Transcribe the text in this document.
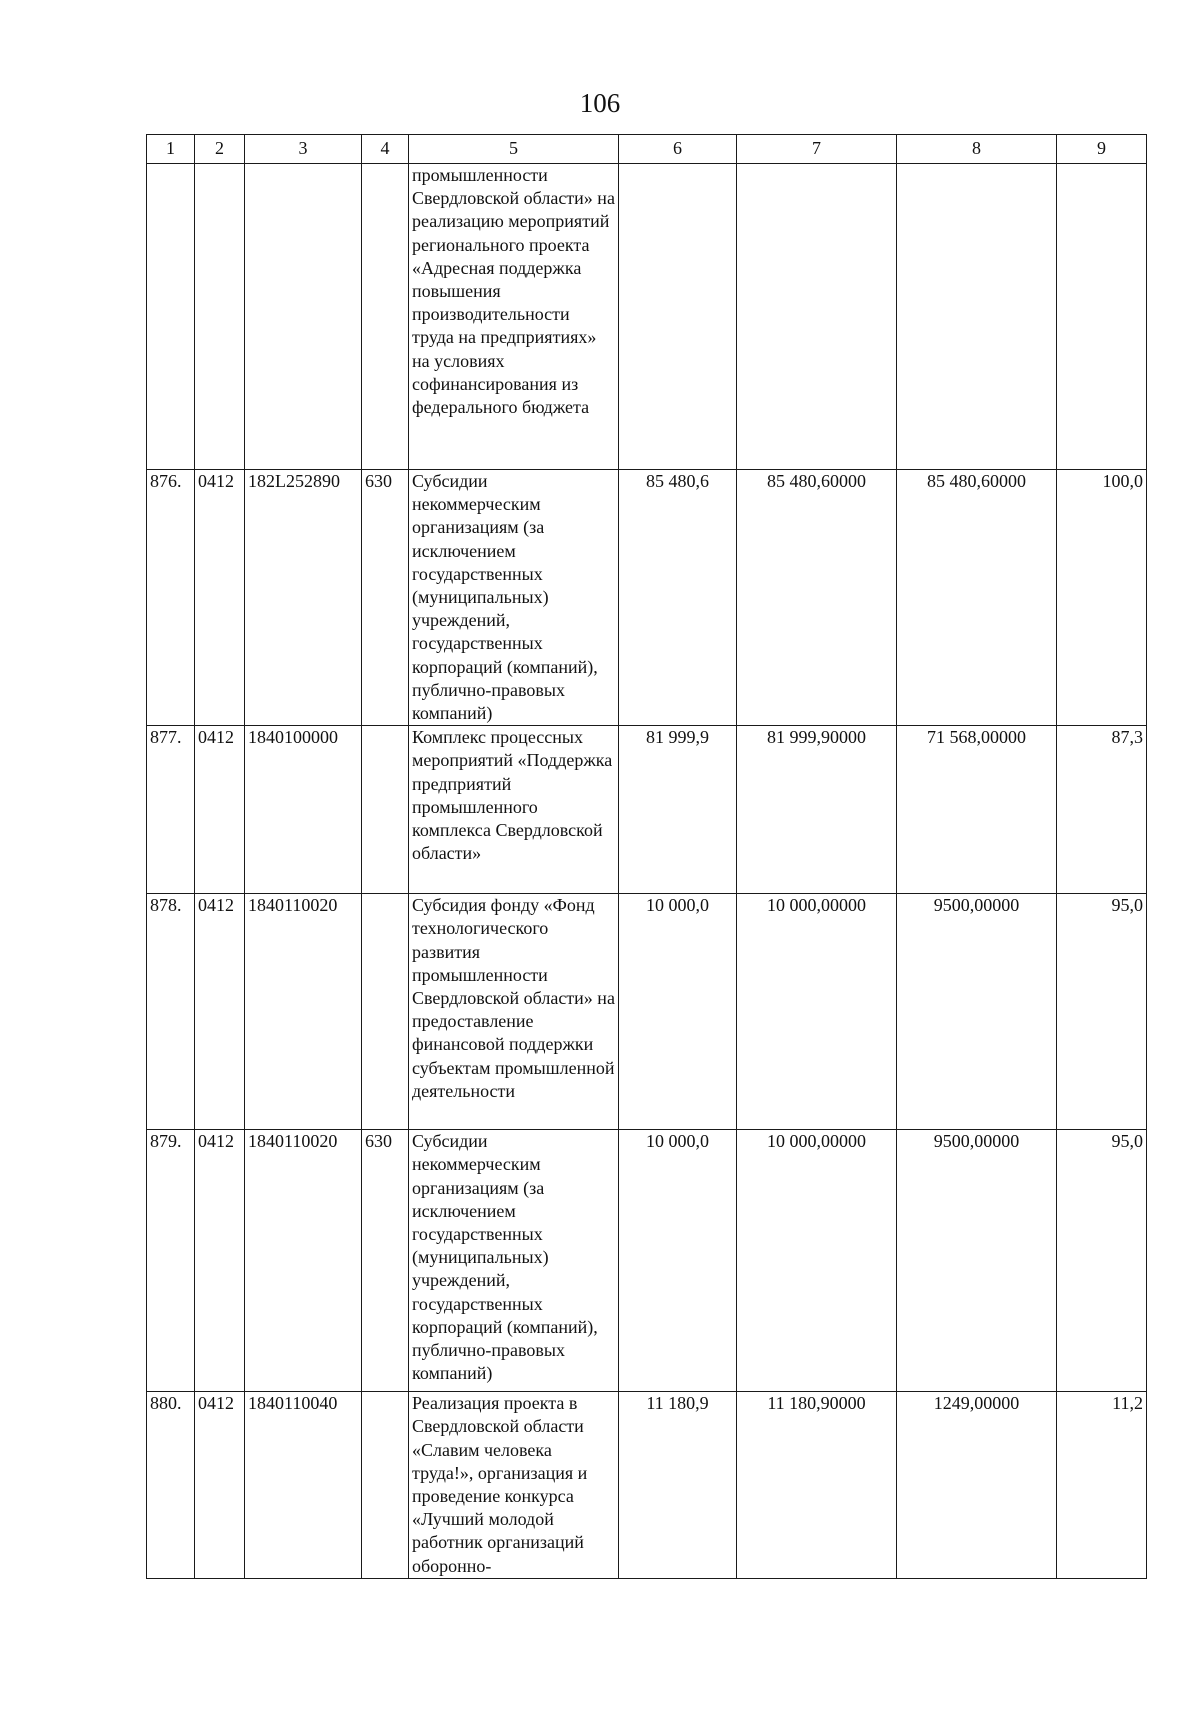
106
1	2	3	4	5	6	7	8	9
				промышленности Свердловской области» на реализацию мероприятий регионального проекта «Адресная поддержка повышения производительности труда на предприятиях» на условиях софинансирования из федерального бюджета				
876.	0412	182L252890	630	Субсидии некоммерческим организациям (за исключением государственных (муниципальных) учреждений, государственных корпораций (компаний), публично-правовых компаний)	85 480,6	85 480,60000	85 480,60000	100,0
877.	0412	1840100000		Комплекс процессных мероприятий «Поддержка предприятий промышленного комплекса Свердловской области»	81 999,9	81 999,90000	71 568,00000	87,3
878.	0412	1840110020		Субсидия фонду «Фонд технологического развития промышленности Свердловской области» на предоставление финансовой поддержки субъектам промышленной деятельности	10 000,0	10 000,00000	9500,00000	95,0
879.	0412	1840110020	630	Субсидии некоммерческим организациям (за исключением государственных (муниципальных) учреждений, государственных корпораций (компаний), публично-правовых компаний)	10 000,0	10 000,00000	9500,00000	95,0
880.	0412	1840110040		Реализация проекта в Свердловской области «Славим человека труда!», организация и проведение конкурса «Лучший молодой работник организаций оборонно-	11 180,9	11 180,90000	1249,00000	11,2
